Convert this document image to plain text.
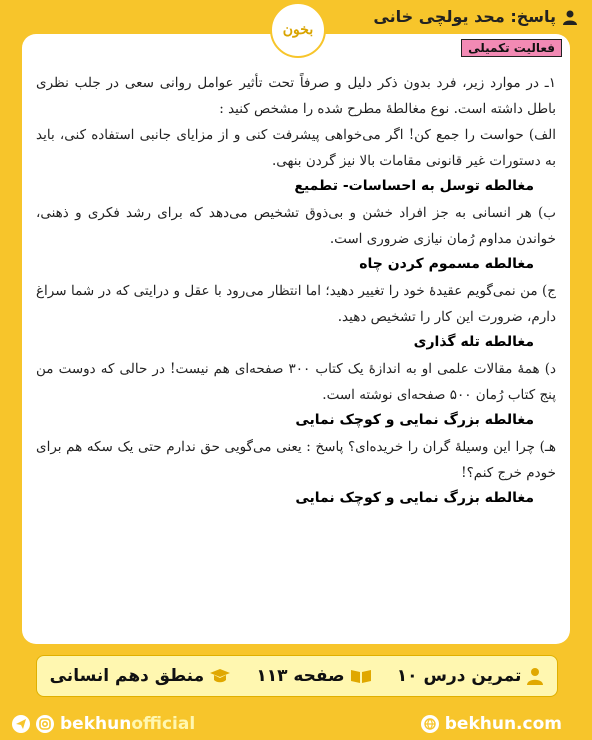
پاسخ: محد یولچی خانی
بخون
فعالیت تکمیلی

۱ـ در موارد زیر، فرد بدون ذکر دلیل و صرفاً تحت تأثیر عوامل روانی سعی در جلب نظری باطل داشته است. نوع مغالطهٔ مطرح شده را مشخص کنید :

الف) حواست را جمع کن! اگر می‌خواهی پیشرفت کنی و از مزایای جانبی استفاده کنی، باید به دستورات غیر قانونی مقامات بالا نیز گردن بنهی.

مغالطه توسل به احساسات- تطمیع

ب) هر انسانی به جز افراد خشن و بی‌ذوق تشخیص می‌دهد که برای رشد فکری و ذهنی، خواندن مداوم رُمان نیازی ضروری است.

مغالطه مسموم کردن چاه

ج) من نمی‌گویم عقیدهٔ خود را تغییر دهید؛ اما انتظار می‌رود با عقل و درایتی که در شما سراغ دارم، ضرورت این کار را تشخیص دهید.

مغالطه تله گذاری

د) همهٔ مقالات علمی او به اندازهٔ یک کتاب ۳۰۰ صفحه‌ای هم نیست! در حالی که دوست من پنج کتاب رُمان ۵۰۰ صفحه‌ای نوشته است.

مغالطه بزرگ نمایی و کوچک نمایی

هـ) چرا این وسیلهٔ گران را خریده‌ای؟ پاسخ : یعنی می‌گویی حق ندارم حتی یک سکه هم برای خودم خرج کنم؟!

مغالطه بزرگ نمایی و کوچک نمایی
تمرین درس ۱۰
صفحه ۱۱۳
منطق دهم انسانی
bekhunofficial	bekhun.com
